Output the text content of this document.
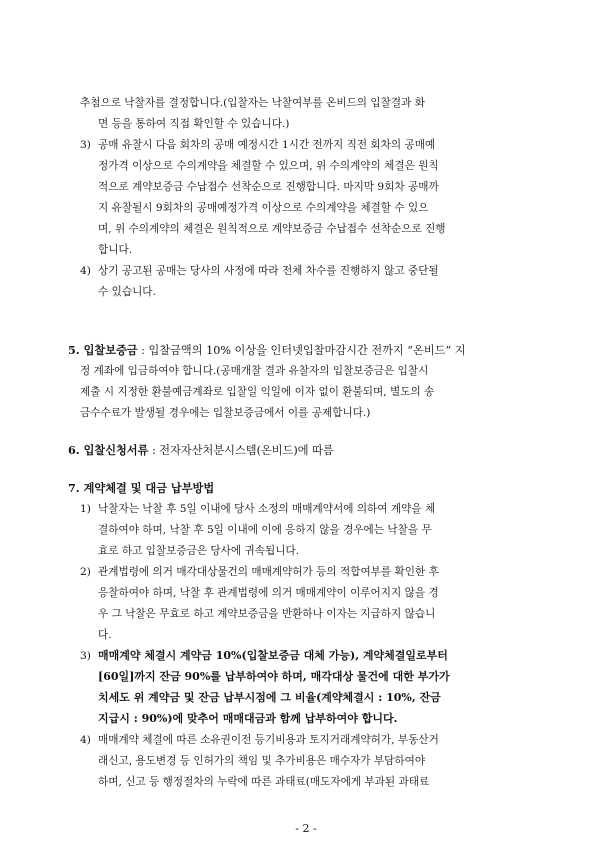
추첨으로 낙찰자를 결정합니다.(입찰자는 낙찰여부를 온비드의 입찰결과 화
면 등을 통하여 직접 확인할 수 있습니다.)
3) 공매 유찰시 다음 회차의 공매 예정시간 1시간 전까지 직전 회차의 공매예
정가격 이상으로 수의계약을 체결할 수 있으며, 위 수의계약의 체결은 원칙
적으로 계약보증금 수납접수 선착순으로 진행합니다. 마지막 9회차 공매까
지 유찰될시 9회차의 공매예정가격 이상으로 수의계약을 체결할 수 있으
며, 위 수의계약의 체결은 원칙적으로 계약보증금 수납접수 선착순으로 진행
합니다.
4) 상기 공고된 공매는 당사의 사정에 따라 전체 차수를 진행하지 않고 중단될
수 있습니다.
5. 입찰보증금 : 입찰금액의 10% 이상을 인터넷입찰마감시간 전까지 “온비드” 지
정 계좌에 입금하여야 합니다.(공매개찰 결과 유찰자의 입찰보증금은 입찰시
제출 시 지정한 환불예금계좌로 입찰일 익일에 이자 없이 환불되며, 별도의 송
금수수료가 발생될 경우에는 입찰보증금에서 이를 공제합니다.)
6. 입찰신청서류 : 전자자산처분시스템(온비드)에 따름
7. 계약체결 및 대금 납부방법
1) 낙찰자는 낙찰 후 5일 이내에 당사 소정의 매매계약서에 의하여 계약을 체
결하여야 하며, 낙찰 후 5일 이내에 이에 응하지 않을 경우에는 낙찰을 무
효로 하고 입찰보증금은 당사에 귀속됩니다.
2) 관계법령에 의거 매각대상물건의 매매계약허가 등의 적합여부를 확인한 후
응찰하여야 하며, 낙찰 후 관계법령에 의거 매매계약이 이루어지지 않을 경
우 그 낙찰은 무효로 하고 계약보증금을 반환하나 이자는 지급하지 않습니
다.
3) 매매계약 체결시 계약금 10%(입찰보증금 대체 가능), 계약체결일로부터
[60일]까지 잔금 90%를 납부하여야 하며, 매각대상 물건에 대한 부가가
치세도 위 계약금 및 잔금 납부시점에 그 비율(계약체결시 : 10%, 잔금
지급시 : 90%)에 맞추어 매매대금과 함께 납부하여야 합니다.
4) 매매계약 체결에 따른 소유권이전 등기비용과 토지거래계약허가, 부동산거
래신고, 용도변경 등 인허가의 책임 및 추가비용은 매수자가 부담하여야
하며, 신고 등 행정절차의 누락에 따른 과태료(매도자에게 부과된 과태료
- 2 -
